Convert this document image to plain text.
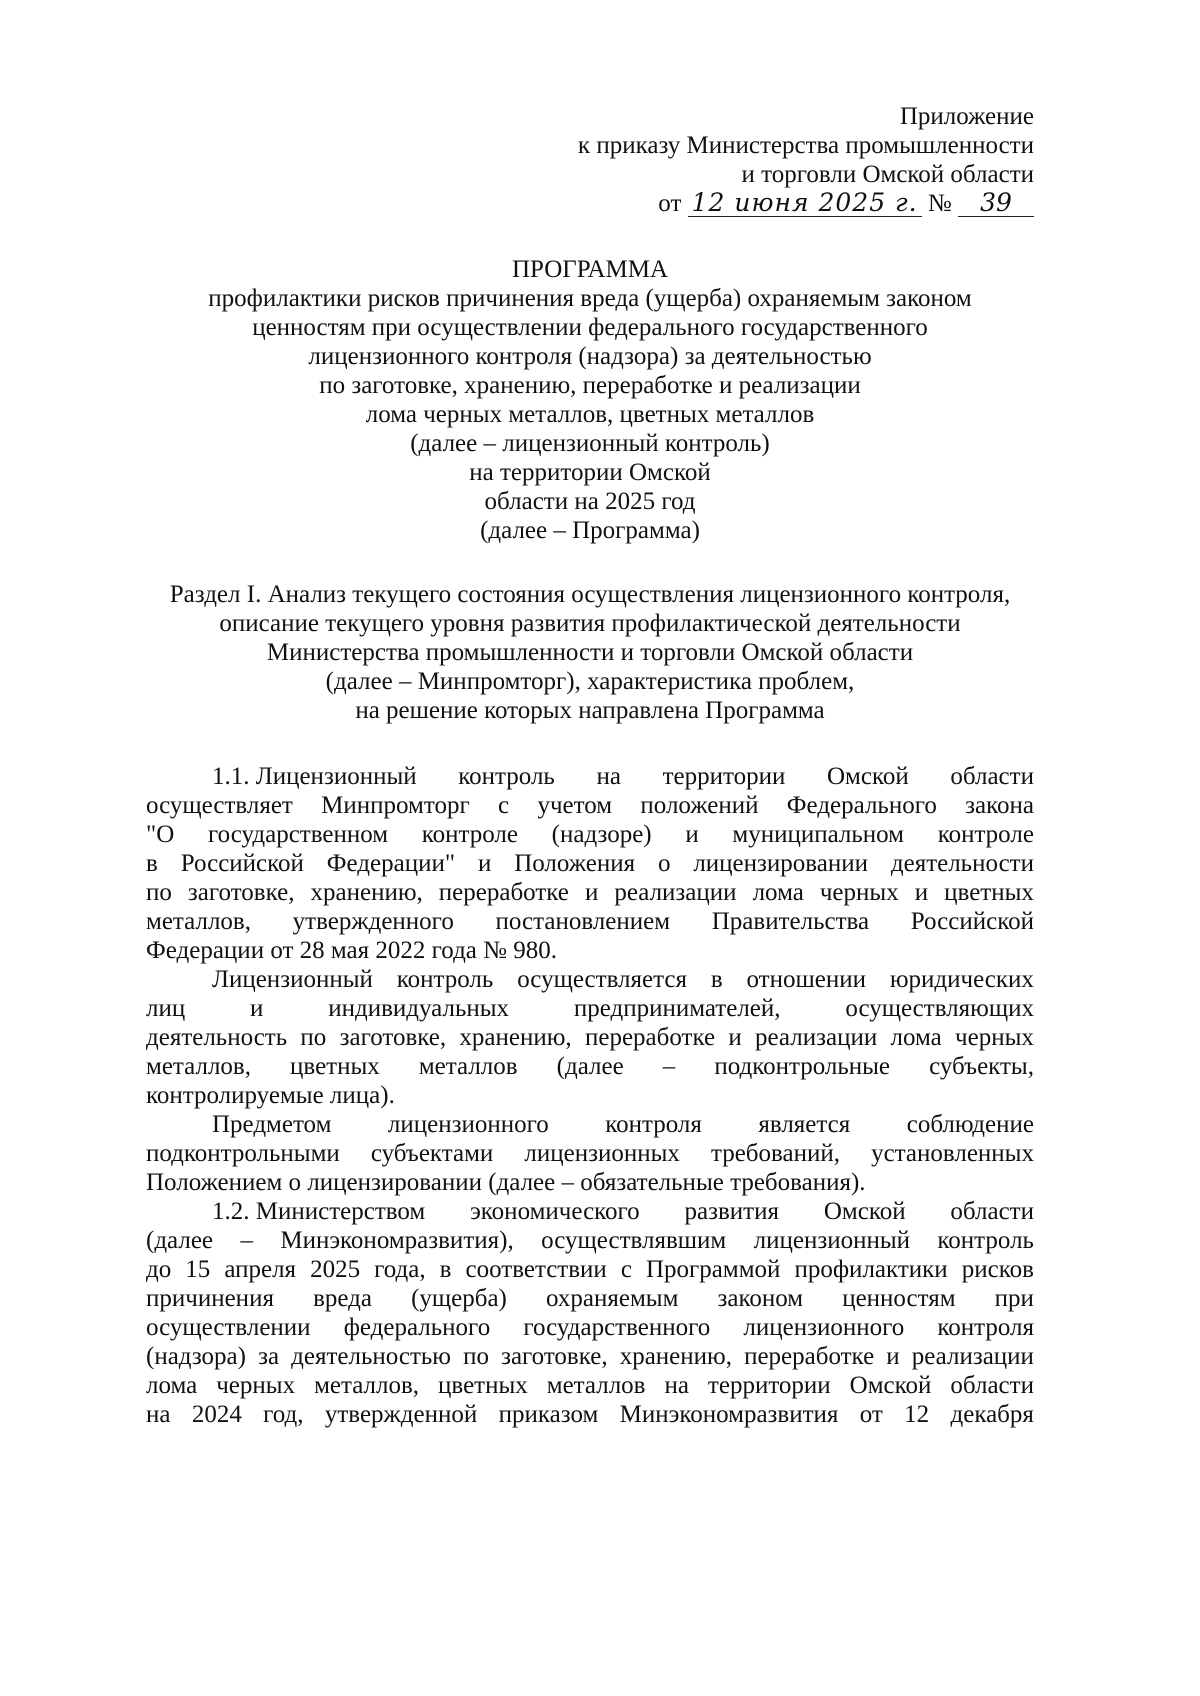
Приложение
к приказу Министерства промышленности
и торговли Омской области
от 12 июня 2025 г. № 39
ПРОГРАММА
профилактики рисков причинения вреда (ущерба) охраняемым законом
ценностям при осуществлении федерального государственного
лицензионного контроля (надзора) за деятельностью
по заготовке, хранению, переработке и реализации
лома черных металлов, цветных металлов
(далее – лицензионный контроль)
на территории Омской
области на 2025 год
(далее – Программа)
Раздел I. Анализ текущего состояния осуществления лицензионного контроля,
описание текущего уровня развития профилактической деятельности
Министерства промышленности и торговли Омской области
(далее – Минпромторг), характеристика проблем,
на решение которых направлена Программа
1.1. Лицензионный контроль на территории Омской области
осуществляет Минпромторг с учетом положений Федерального закона
"О государственном контроле (надзоре) и муниципальном контроле
в Российской Федерации" и Положения о лицензировании деятельности
по заготовке, хранению, переработке и реализации лома черных и цветных
металлов, утвержденного постановлением Правительства Российской
Федерации от 28 мая 2022 года № 980.
Лицензионный контроль осуществляется в отношении юридических
лиц	и	индивидуальных	предпринимателей,	осуществляющих
деятельность по заготовке, хранению, переработке и реализации лома черных
металлов, цветных металлов (далее – подконтрольные субъекты,
контролируемые лица).
Предметом лицензионного контроля является соблюдение
подконтрольными субъектами лицензионных требований, установленных
Положением о лицензировании (далее – обязательные требования).
1.2. Министерством экономического развития Омской области
(далее – Минэкономразвития), осуществлявшим лицензионный контроль
до 15 апреля 2025 года, в соответствии с Программой профилактики рисков
причинения вреда (ущерба) охраняемым законом ценностям при
осуществлении федерального государственного лицензионного контроля
(надзора) за деятельностью по заготовке, хранению, переработке и реализации
лома черных металлов, цветных металлов на территории Омской области
на 2024 год, утвержденной приказом Минэкономразвития от 12 декабря
